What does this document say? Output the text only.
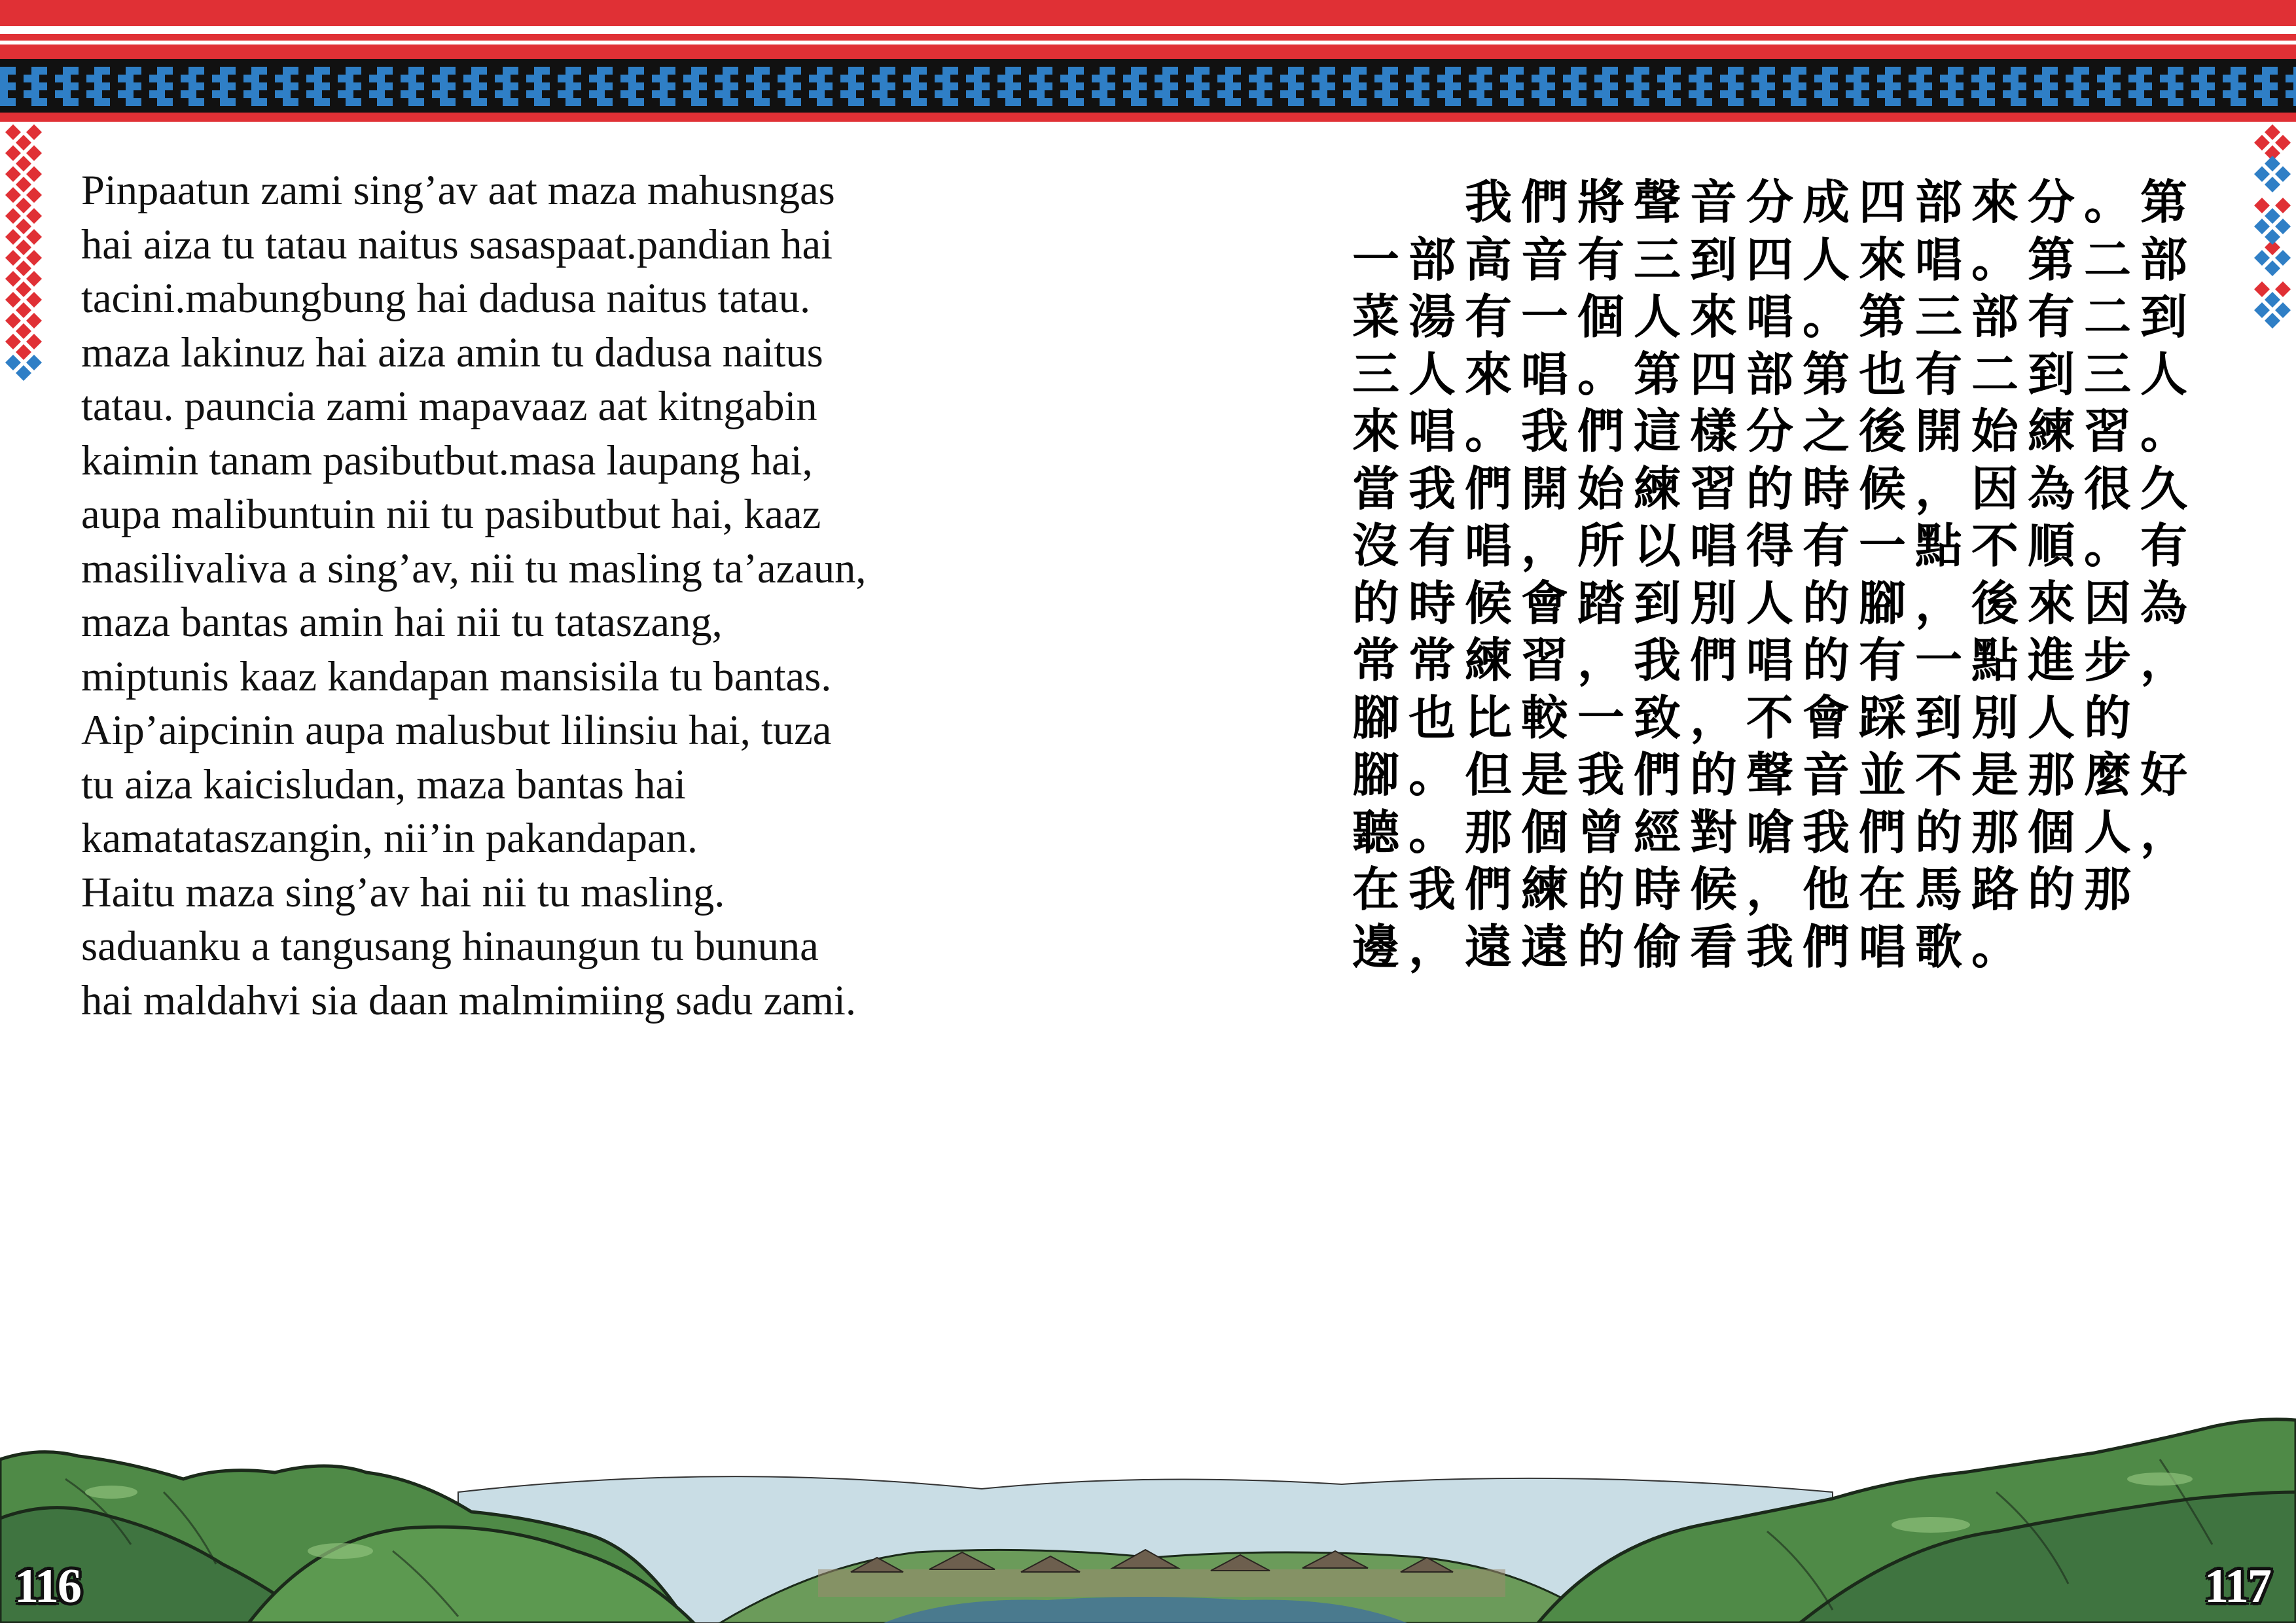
Pinpaatun zami sing’av aat maza mahusngas
hai aiza tu tatau naitus sasaspaat.pandian hai
tacini.mabungbung hai dadusa naitus tatau.
maza lakinuz hai aiza amin tu dadusa naitus
tatau. pauncia zami mapavaaz aat kitngabin
kaimin tanam pasibutbut.masa laupang hai,
aupa malibuntuin nii tu pasibutbut hai, kaaz
masilivaliva a sing’av, nii tu masling ta’azaun,
maza bantas amin hai nii tu tataszang,
miptunis kaaz kandapan mansisila tu bantas.
Aip’aipcinin aupa malusbut lilinsiu hai, tuza
tu aiza kaicisludan, maza bantas hai
kamatataszangin, nii’in pakandapan.
Haitu maza sing’av hai nii tu masling.
saduanku a tangusang hinaungun tu bununa
hai maldahvi sia daan malmimiing sadu zami.
　　我們將聲音分成四部來分。第
一部高音有三到四人來唱。第二部
菜湯有一個人來唱。第三部有二到
三人來唱。第四部第也有二到三人
來唱。我們這樣分之後開始練習。
當我們開始練習的時候，因為很久
沒有唱，所以唱得有一點不順。有
的時候會踏到別人的腳，後來因為
常常練習，我們唱的有一點進步，
腳也比較一致，不會踩到別人的
腳。但是我們的聲音並不是那麼好
聽。那個曾經對嗆我們的那個人，
在我們練的時候，他在馬路的那
邊，遠遠的偷看我們唱歌。
116	117
